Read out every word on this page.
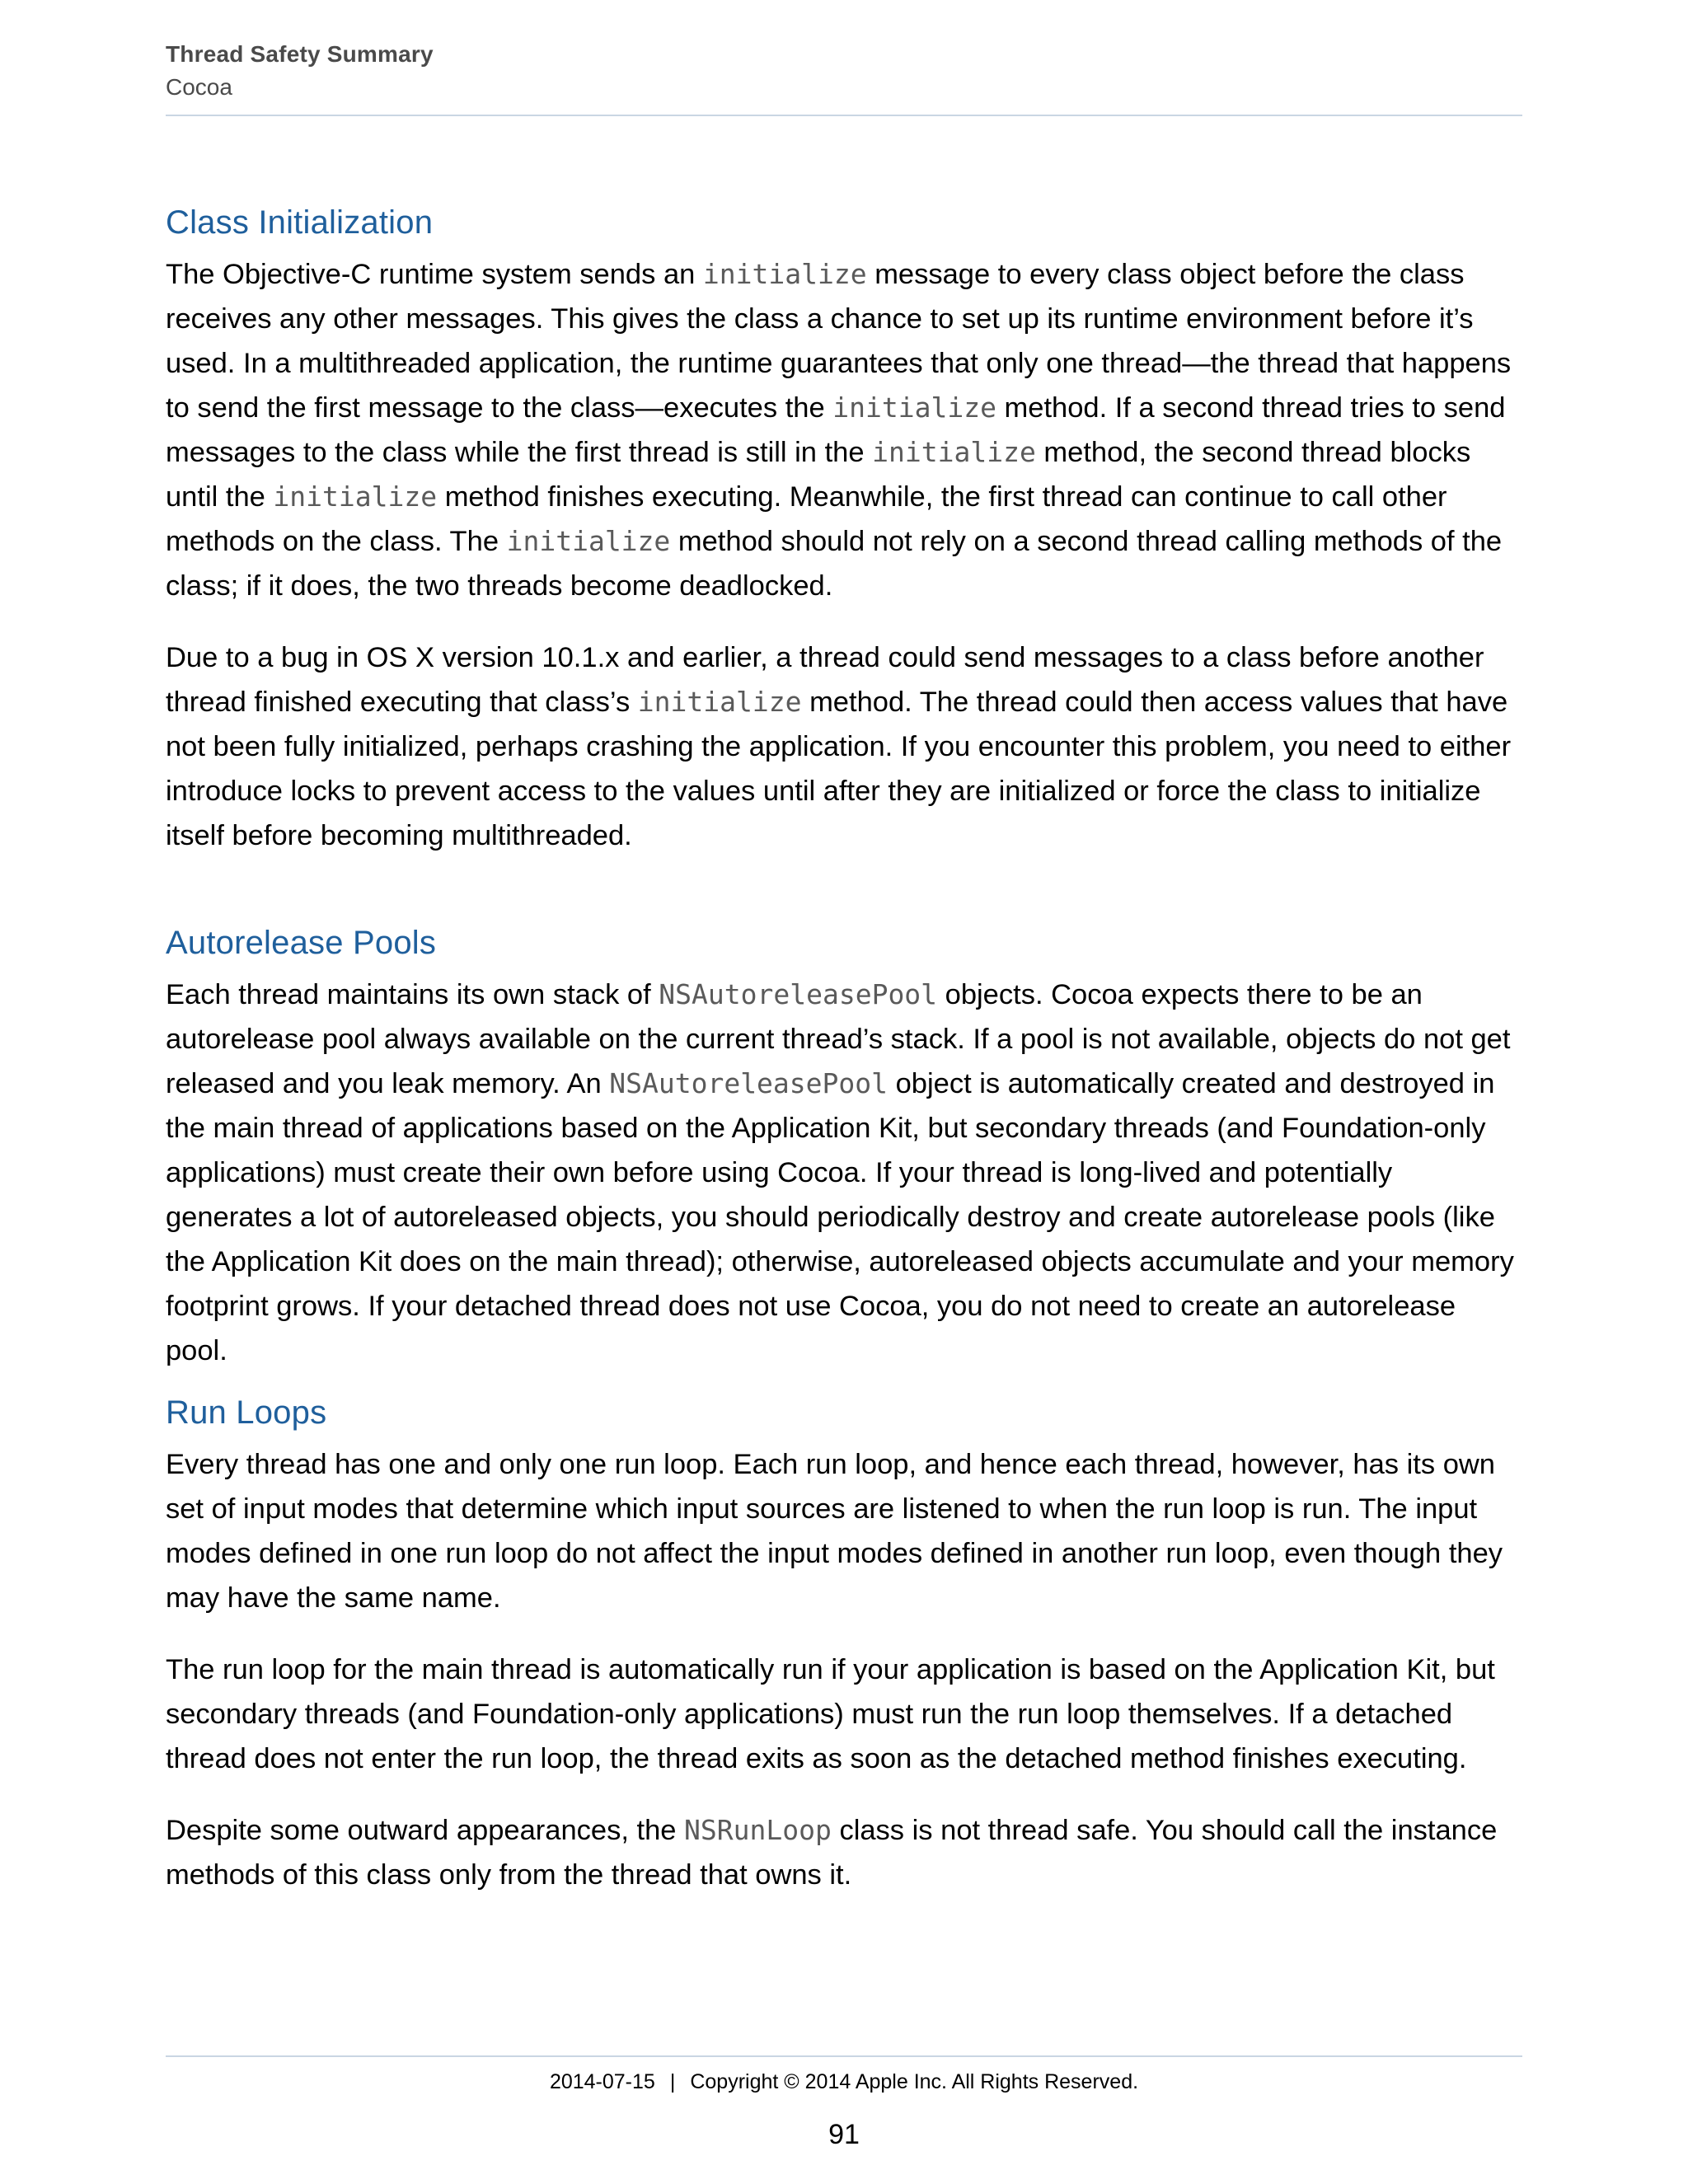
Thread Safety Summary
Cocoa
Class Initialization

The Objective-C runtime system sends an initialize message to every class object before the class receives any other messages. This gives the class a chance to set up its runtime environment before it’s used. In a multithreaded application, the runtime guarantees that only one thread—the thread that happens to send the first message to the class—executes the initialize method. If a second thread tries to send messages to the class while the first thread is still in the initialize method, the second thread blocks until the initialize method finishes executing. Meanwhile, the first thread can continue to call other methods on the class. The initialize method should not rely on a second thread calling methods of the class; if it does, the two threads become deadlocked.

Due to a bug in OS X version 10.1.x and earlier, a thread could send messages to a class before another thread finished executing that class’s initialize method. The thread could then access values that have not been fully initialized, perhaps crashing the application. If you encounter this problem, you need to either introduce locks to prevent access to the values until after they are initialized or force the class to initialize itself before becoming multithreaded.

Autorelease Pools

Each thread maintains its own stack of NSAutoreleasePool objects. Cocoa expects there to be an autorelease pool always available on the current thread’s stack. If a pool is not available, objects do not get released and you leak memory. An NSAutoreleasePool object is automatically created and destroyed in the main thread of applications based on the Application Kit, but secondary threads (and Foundation-only applications) must create their own before using Cocoa. If your thread is long-lived and potentially generates a lot of autoreleased objects, you should periodically destroy and create autorelease pools (like the Application Kit does on the main thread); otherwise, autoreleased objects accumulate and your memory footprint grows. If your detached thread does not use Cocoa, you do not need to create an autorelease pool.

Run Loops

Every thread has one and only one run loop. Each run loop, and hence each thread, however, has its own set of input modes that determine which input sources are listened to when the run loop is run. The input modes defined in one run loop do not affect the input modes defined in another run loop, even though they may have the same name.

The run loop for the main thread is automatically run if your application is based on the Application Kit, but secondary threads (and Foundation-only applications) must run the run loop themselves. If a detached thread does not enter the run loop, the thread exits as soon as the detached method finishes executing.

Despite some outward appearances, the NSRunLoop class is not thread safe. You should call the instance methods of this class only from the thread that owns it.

2014-07-15 | Copyright © 2014 Apple Inc. All Rights Reserved.
91
